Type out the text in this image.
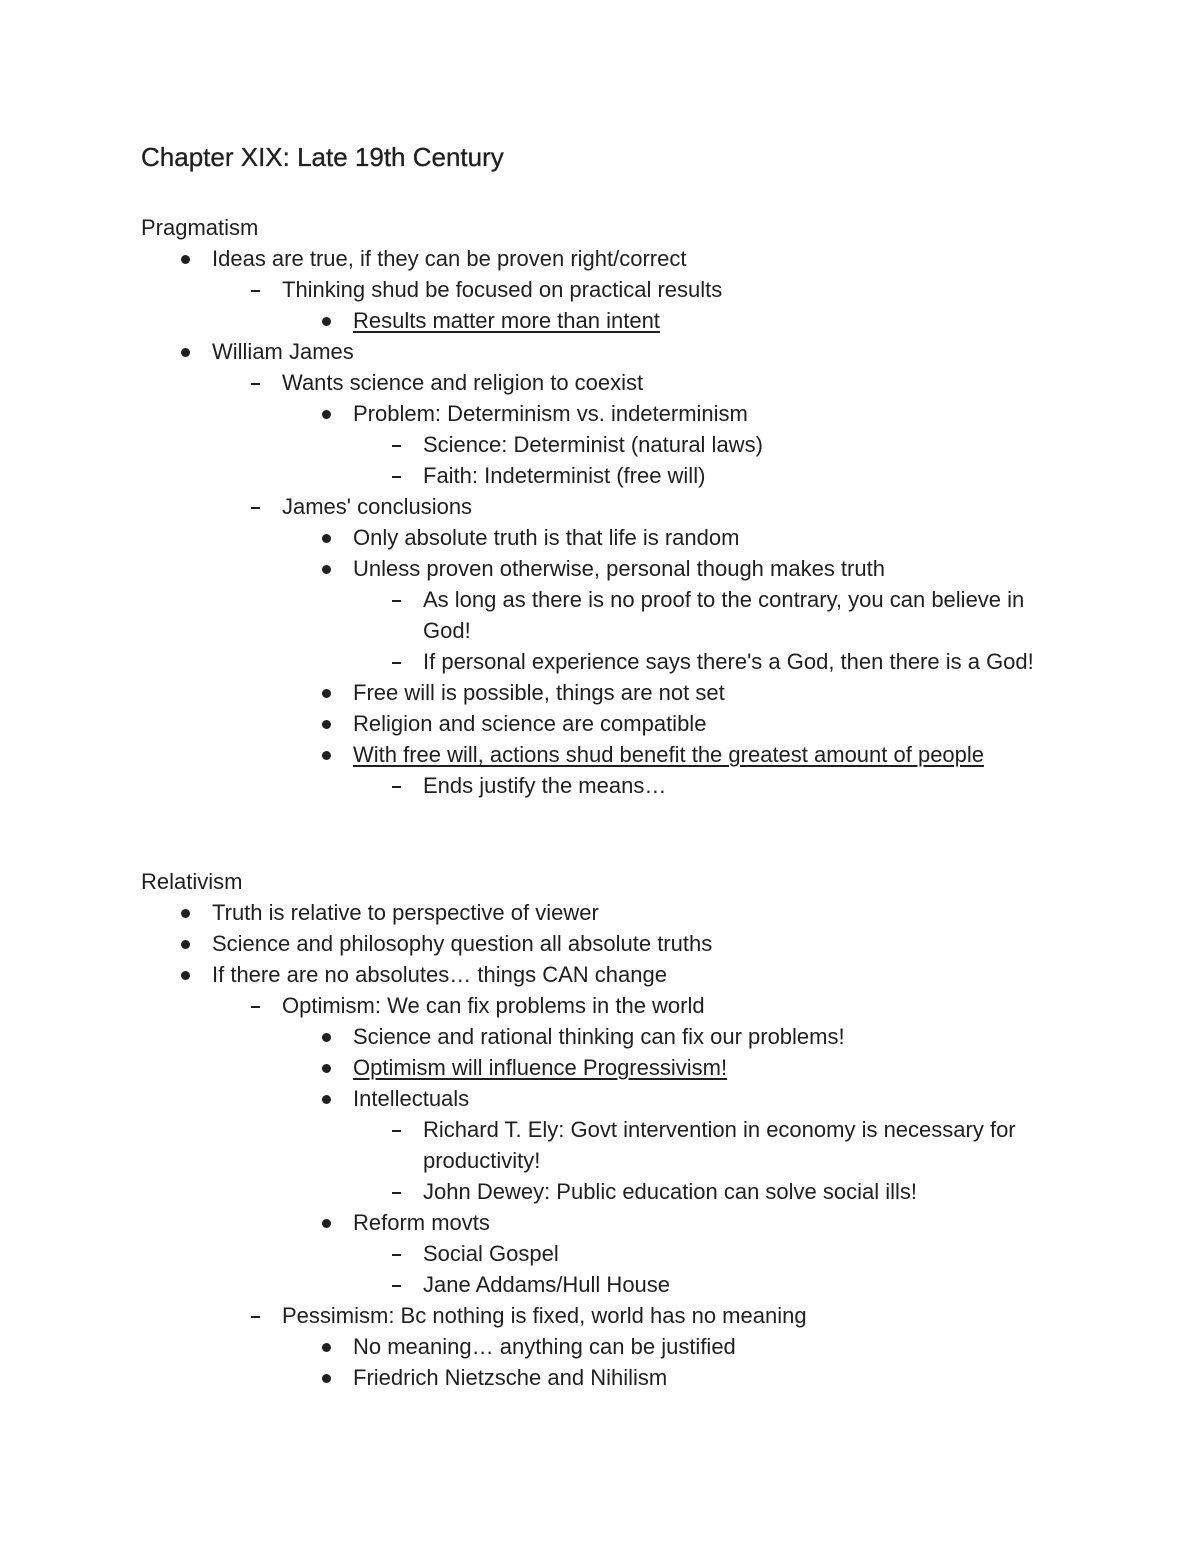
Chapter XIX: Late 19th Century
Pragmatism
Ideas are true, if they can be proven right/correct
Thinking shud be focused on practical results
Results matter more than intent
William James
Wants science and religion to coexist
Problem: Determinism vs. indeterminism
Science: Determinist (natural laws)
Faith: Indeterminist (free will)
James' conclusions
Only absolute truth is that life is random
Unless proven otherwise, personal though makes truth
As long as there is no proof to the contrary, you can believe in God!
If personal experience says there's a God, then there is a God!
Free will is possible, things are not set
Religion and science are compatible
With free will, actions shud benefit the greatest amount of people
Ends justify the means…
Relativism
Truth is relative to perspective of viewer
Science and philosophy question all absolute truths
If there are no absolutes… things CAN change
Optimism: We can fix problems in the world
Science and rational thinking can fix our problems!
Optimism will influence Progressivism!
Intellectuals
Richard T. Ely: Govt intervention in economy is necessary for productivity!
John Dewey: Public education can solve social ills!
Reform movts
Social Gospel
Jane Addams/Hull House
Pessimism: Bc nothing is fixed, world has no meaning
No meaning… anything can be justified
Friedrich Nietzsche and Nihilism
